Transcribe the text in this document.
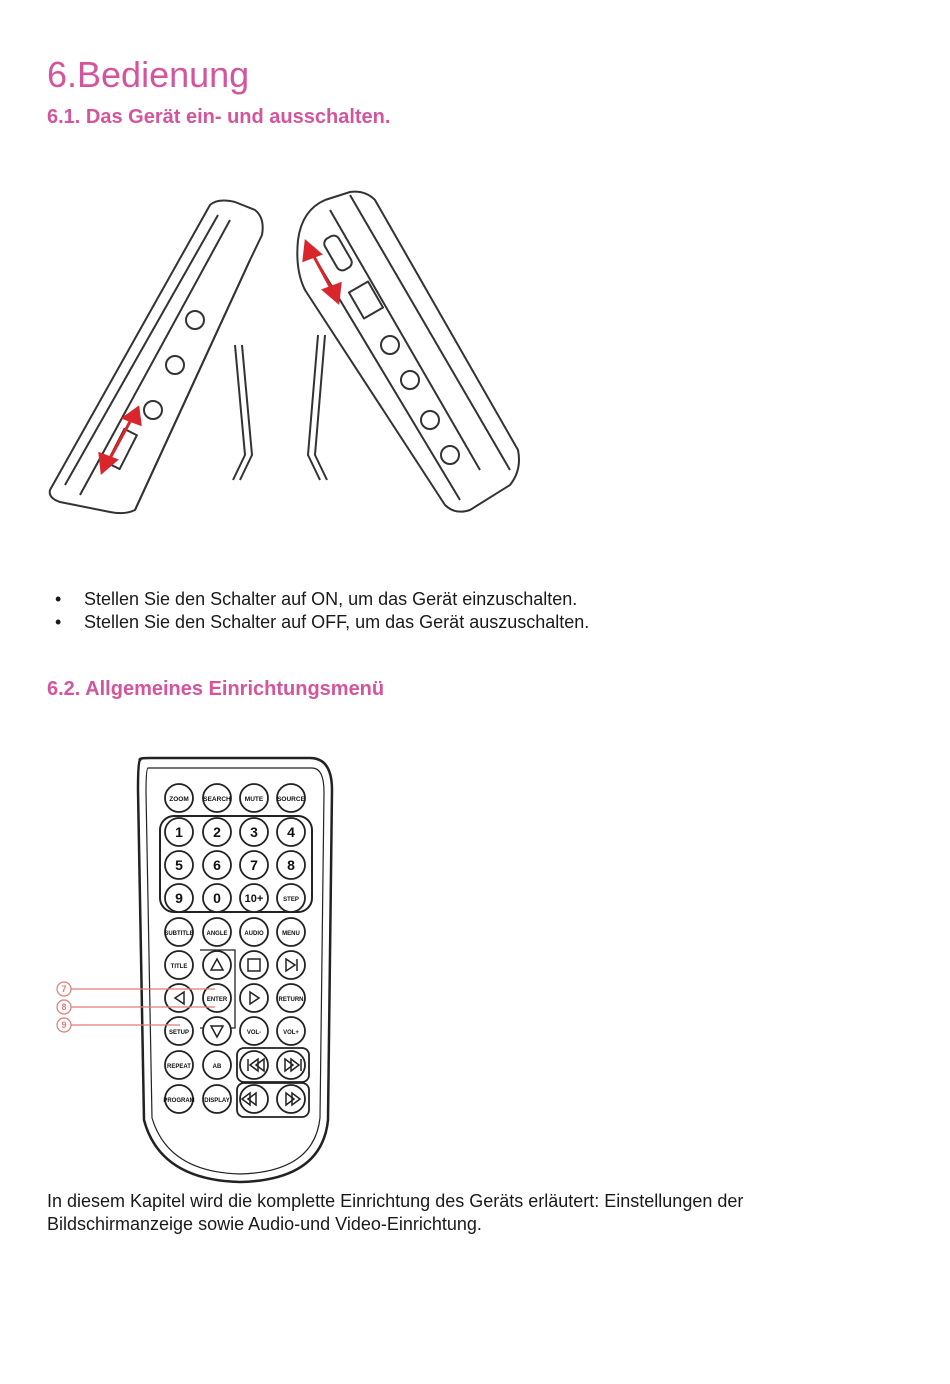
6.Bedienung
6.1. Das Gerät ein- und ausschalten.
• Stellen Sie den Schalter auf ON, um das Gerät einzuschalten.
• Stellen Sie den Schalter auf OFF, um das Gerät auszuschalten.
6.2. Allgemeines Einrichtungsmenü
ZOOM SEARCH MUTE SOURCE
1 2 3 4
5 6 7 8
9 0 10+	STEP
SUBTITLE ANGLE	AUDIO	MENU
TITLE
ENTER	RETURN
SETUP	VOL-	VOL+
REPEAT	AB
PROGRAM DISPLAY
7
8
9

In diesem Kapitel wird die komplette Einrichtung des Geräts erläutert: Einstellungen der Bildschirmanzeige sowie Audio-und Video-Einrichtung.
